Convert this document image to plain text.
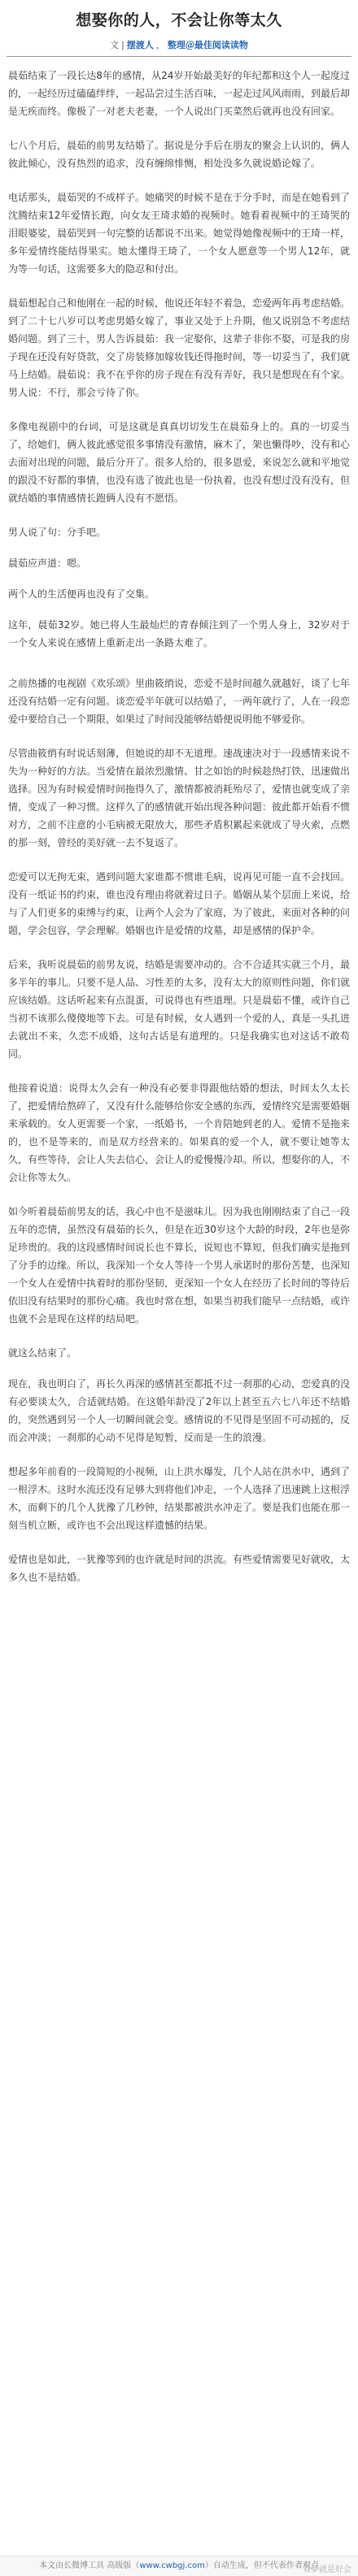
想娶你的人，不会让你等太久
文 | 摆渡人 ， 整理＠最佳阅读读物

晨茹结束了一段长达8年的感情，从24岁开始最美好的年纪都和这个人一起度过的，一起经历过磕磕绊绊，一起品尝过生活百味，一起走过风风雨雨，到最后却是无疾而终。像极了一对老夫老妻，一个人说出门买菜然后就再也没有回家。

七八个月后，晨茹的前男友结婚了。据说是分手后在朋友的聚会上认识的，俩人彼此倾心，没有热烈的追求，没有缠绵悱恻，相处没多久就说婚论嫁了。

电话那头，晨茹哭的不成样子。她痛哭的时候不是在于分手时，而是在她看到了沈腾结束12年爱情长跑，向女友王琦求婚的视频时。她看着视频中的王琦哭的泪眼婆娑，晨茹哭到一句完整的话都说不出来。她觉得她像视频中的王琦一样，多年爱情终能结得果实。她太懂得王琦了，一个女人愿意等一个男人12年，就为等一句话，这需要多大的隐忍和付出。

晨茹想起自己和他刚在一起的时候，他说还年轻不着急，恋爱两年再考虑结婚。到了二十七八岁可以考虑男婚女嫁了，事业又处于上升期，他又说别急不考虑结婚问题。到了三十，男人告诉晨茹：我一定娶你，这辈子非你不娶，可是我的房子现在还没有好贷款，交了房装修加嫁妆钱还得拖时间，等一切妥当了，我们就马上结婚。晨茹说：我不在乎你的房子现在有没有弄好，我只是想现在有个家。男人说：不行，那会亏待了你。

多像电视剧中的台词，可是这就是真真切切发生在晨茹身上的。真的一切妥当了，给她们，俩人彼此感觉很多事情没有激情，麻木了，架也懒得吵，没有和心去面对出现的问题，最后分开了。很多人给的，很多恩爱，来说怎么就和平地觉的跟没不好都的事情，也没有选了彼此也是一份执着，也没有想过没有没有，但就结婚的事情感情长跑俩人没有不愿悟。

男人说了句：分手吧。

晨茹应声道：嗯。

两个人的生活便再也没有了交集。

这年，晨茹32岁。她已将人生最灿烂的青春倾注到了一个男人身上，32岁对于一个女人来说在感情上重新走出一条路太难了。

之前热播的电视剧《欢乐颂》里曲筱绡说，恋爱不是时间越久就越好，谈了七年还没有结婚一定有问题。谈恋爱半年就可以结婚了，一两年就行了，人在一段恋爱中要给自己一个期限，如果过了时间没能够结婚便说明他不够爱你。

尽管曲筱绡有时说话刻薄，但她说的却不无道理。速战速决对于一段感情来说不失为一种好的方法。当爱情在最浓烈激情、甘之如饴的时候趁热打铁，迅速做出选择。因为有时候爱情时间拖得久了，激情都被消耗殆尽了，爱情也就变成了亲情，变成了一种习惯。这样久了的感情就开始出现各种问题：彼此都开始看不惯对方，之前不注意的小毛病被无限放大，那些矛盾积累起来就成了导火索，点燃的那一刻，曾经的美好就一去不复返了。

恋爱可以无拘无束，遇到问题大家谁都不惯谁毛病，说再见可能一直不会找回。没有一纸证书的约束，谁也没有理由将就着过日子。婚姻从某个层面上来说，给与了人们更多的束缚与约束，让两个人会为了家庭，为了彼此，来面对各种的问题，学会包容，学会理解。婚姻也许是爱情的坟墓，却是感情的保护伞。

后来，我听说晨茹的前男友说，结婚是需要冲动的。合不合适其实就三个月，最多半年的事儿。只要不是人品、习性差的太多，没有太大的原则性问题，你们就应该结婚。这话听起来有点混蛋，可说得也有些道理。只是晨茹不懂，或许自己当初不该那么傻傻地等下去。可是有时候，女人遇到一个爱的人，真是一头扎进去就出不来，久恋不成婚，这句古话是有道理的。只是我确实也对这话不敢苟同。

他接着说道：说得太久会有一种没有必要非得跟他结婚的想法，时间太久太长了，把爱情给熬碎了，又没有什么能够给你安全感的东西，爱情终究是需要婚姻来承载的。女人更需要一个家，一纸婚书，一个肯陪她到老的人。爱情不是拖来的，也不是等来的，而是双方经营来的。如果真的爱一个人，就不要让她等太久，有些等待，会让人失去信心，会让人的爱慢慢冷却。所以，想娶你的人，不会让你等太久。

如今听着晨茹前男友的话，我心中也不是滋味儿。因为我也刚刚结束了自己一段五年的恋情，虽然没有晨茹的长久，但是在近30岁这个大龄的时段，2年也是弥足珍贵的。我的这段感情时间说长也不算长，说短也不算短，但我们确实是拖到了分手的边缘。所以，我深知一个女人等待一个男人承诺时的那份苦楚，也深知一个女人在爱情中执着时的那份坚韧，更深知一个女人在经历了长时间的等待后依旧没有结果时的那份心痛。我也时常在想，如果当初我们能早一点结婚，或许也就不会是现在这样的结局吧。

就这么结束了。

现在，我也明白了，再长久再深的感情甚至都抵不过一刹那的心动，恋爱真的没有必要谈太久，合适就结婚。在这婚年龄没了2年以上甚至五六七八年还不结婚的，突然遇到另一个人一切瞬间就会变。感情说的不见得是坚固不可动摇的，反而会冲淡；一刹那的心动不见得是短暂，反而是一生的浪漫。

想起多年前看的一段简短的小视频，山上洪水爆发，几个人站在洪水中，遇到了一根浮木。这时水流还没有足够大到将他们冲走，一个人选择了迅速跳上这根浮木，而剩下的几个人犹豫了几秒钟，结果都被洪水冲走了。要是我们也能在那一刻当机立断，或许也不会出现这样遗憾的结果。

爱情也是如此，一犹豫等到的也许就是时间的洪流。有些爱情需要见好就收，太多久也不是结婚。

本文由长微博工具 高级版（www.cwbgj.com）自动生成，但不代表作者观点
看夢就是好会
